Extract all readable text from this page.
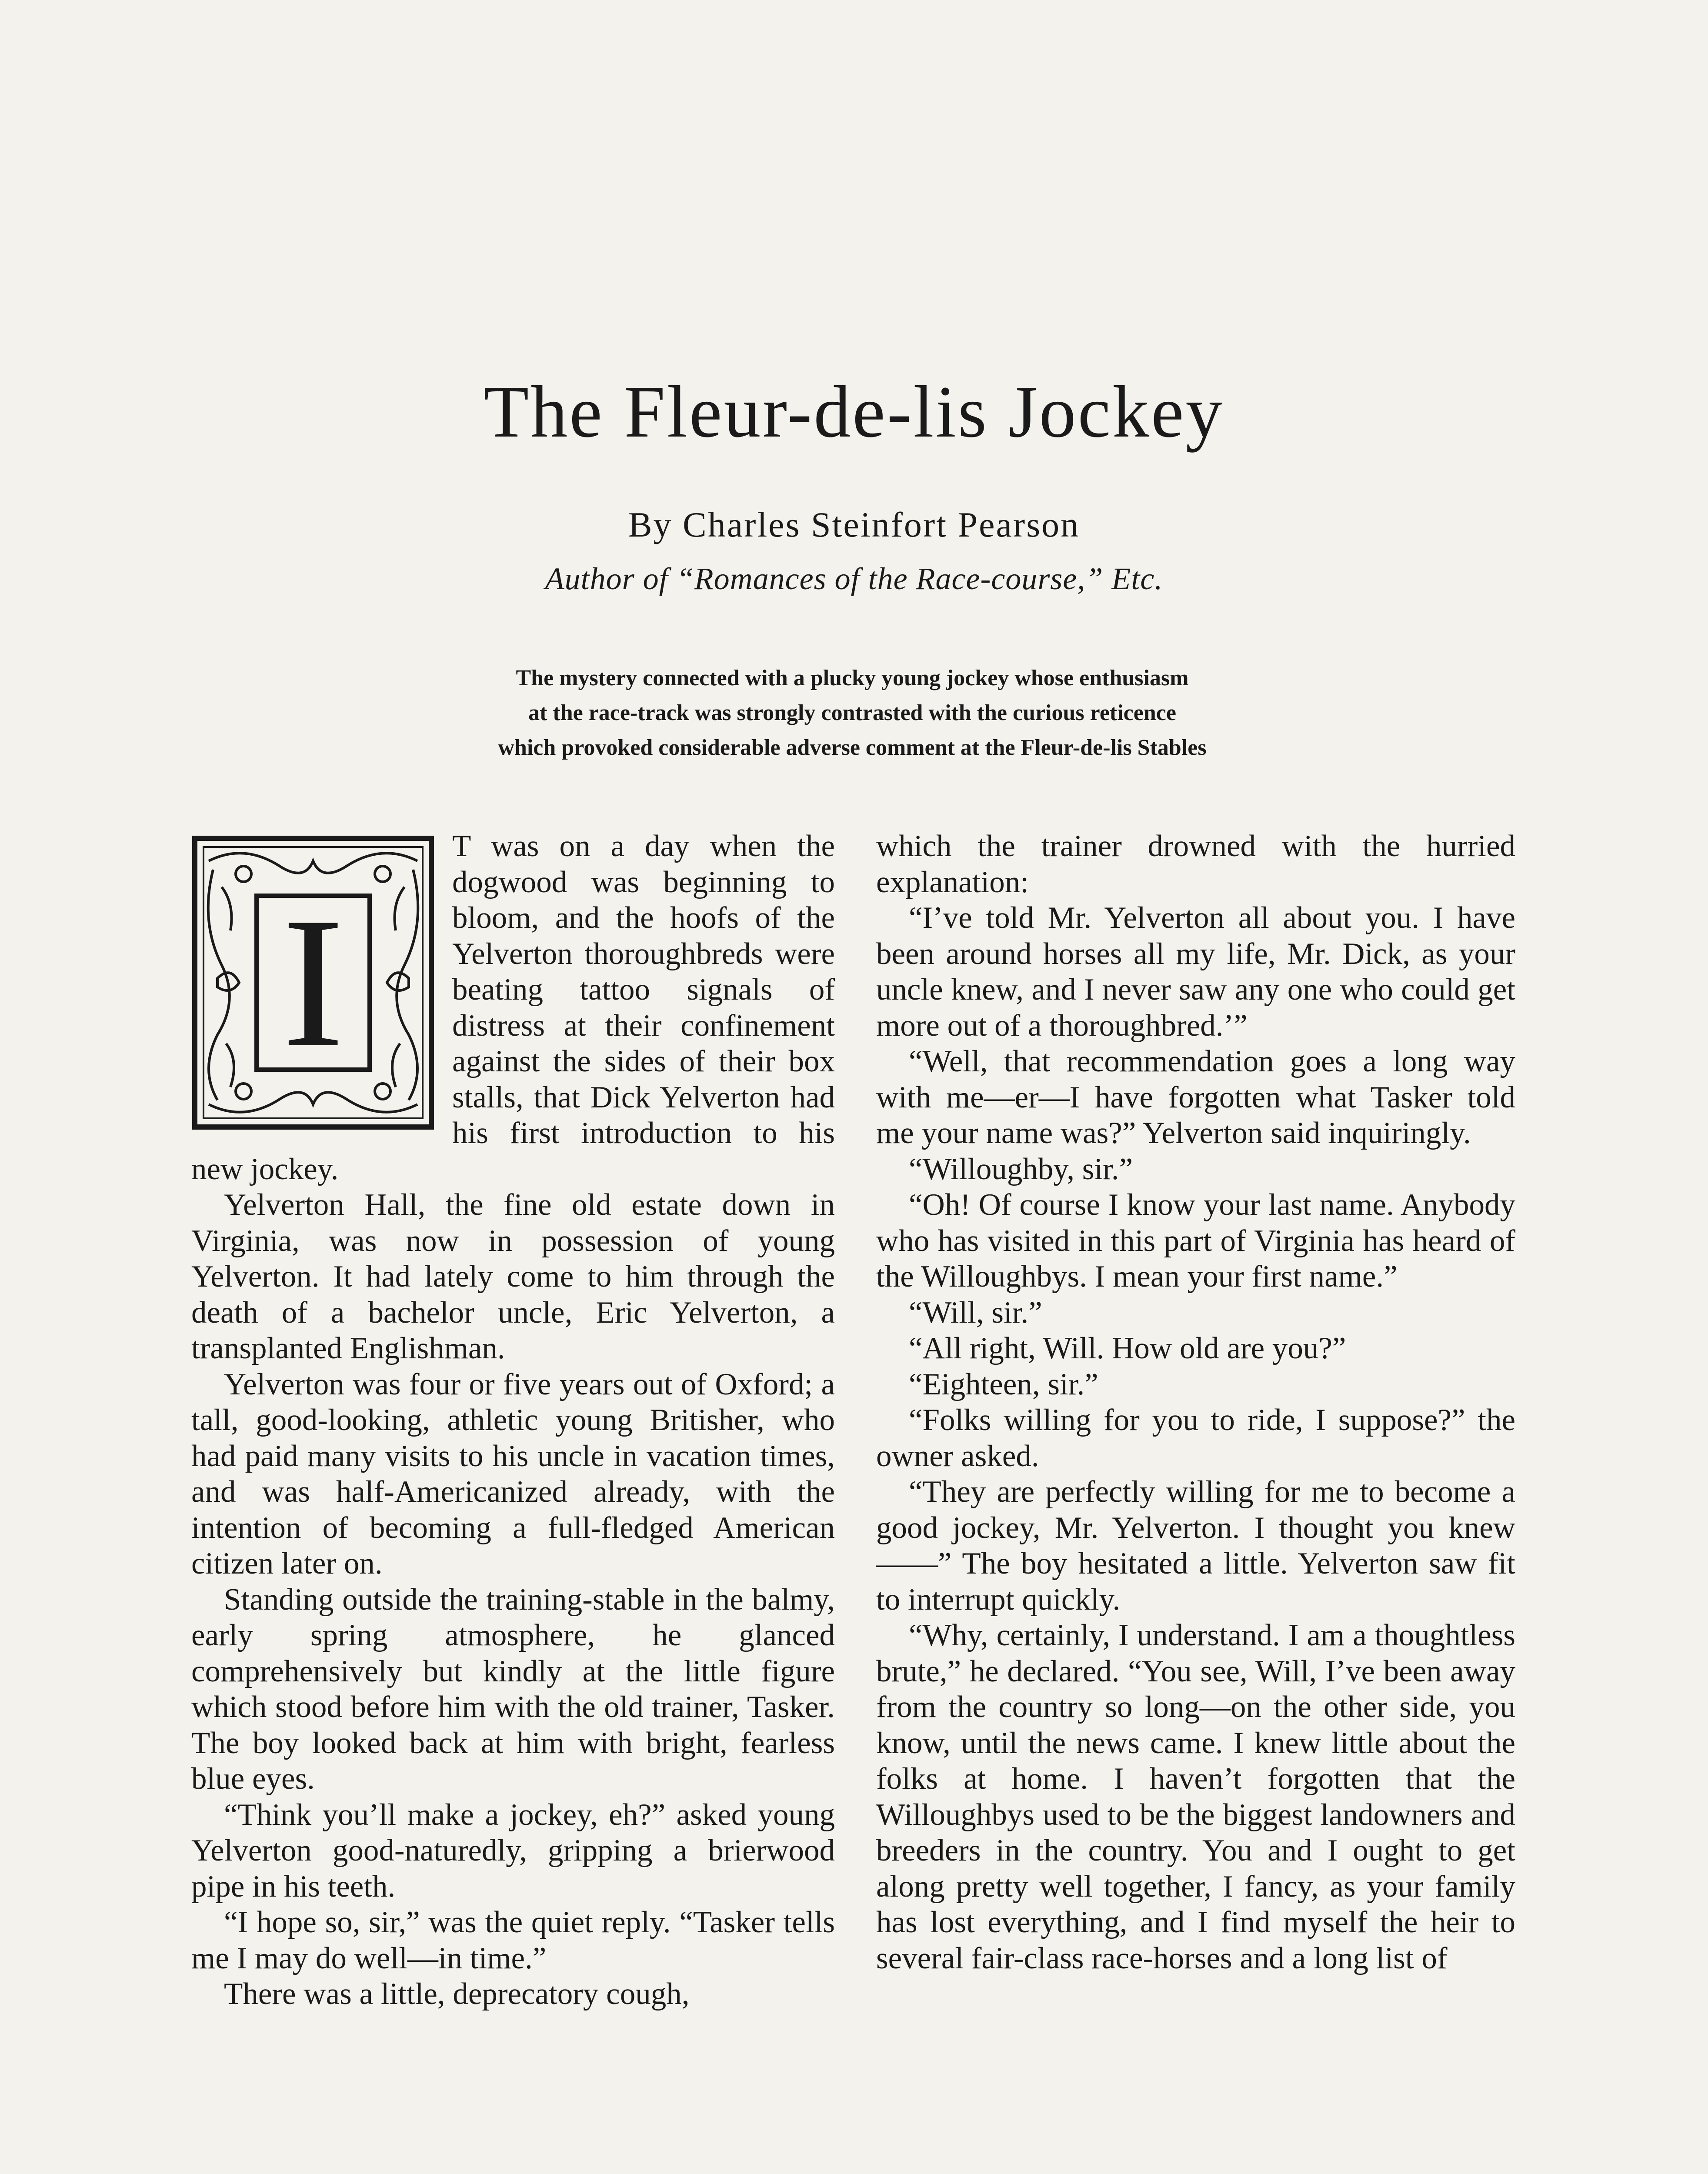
The Fleur-de-lis Jockey
By Charles Steinfort Pearson
Author of “Romances of the Race-course,” Etc.
The mystery connected with a plucky young jockey whose enthusiasm
at the race-track was strongly contrasted with the curious reticence
which provoked considerable adverse comment at the Fleur-de-lis Stables
I

T was on a day when the dogwood was beginning to bloom, and the hoofs of the Yelverton thoroughbreds were beating tattoo signals of distress at their confinement against the sides of their box stalls, that Dick Yelverton had his first introduction to his new jockey.

Yelverton Hall, the fine old estate down in Virginia, was now in possession of young Yelverton. It had lately come to him through the death of a bachelor uncle, Eric Yelverton, a transplanted Englishman.

Yelverton was four or five years out of Oxford; a tall, good-looking, athletic young Britisher, who had paid many visits to his uncle in vacation times, and was half-Americanized already, with the intention of becoming a full-fledged American citizen later on.

Standing outside the training-stable in the balmy, early spring atmosphere, he glanced comprehensively but kindly at the little figure which stood before him with the old trainer, Tasker. The boy looked back at him with bright, fearless blue eyes.

“Think you’ll make a jockey, eh?” asked young Yelverton good-naturedly, gripping a brierwood pipe in his teeth.

“I hope so, sir,” was the quiet reply. “Tasker tells me I may do well—in time.”

There was a little, deprecatory cough,

which the trainer drowned with the hurried explanation:

“I’ve told Mr. Yelverton all about you. I have been around horses all my life, Mr. Dick, as your uncle knew, and I never saw any one who could get more out of a thoroughbred.’”

“Well, that recommendation goes a long way with me—er—I have forgotten what Tasker told me your name was?” Yelverton said inquiringly.

“Willoughby, sir.”

“Oh! Of course I know your last name. Anybody who has visited in this part of Virginia has heard of the Willoughbys. I mean your first name.”

“Will, sir.”

“All right, Will. How old are you?”

“Eighteen, sir.”

“Folks willing for you to ride, I suppose?” the owner asked.

“They are perfectly willing for me to become a good jockey, Mr. Yelverton. I thought you knew——” The boy hesitated a little. Yelverton saw fit to interrupt quickly.

“Why, certainly, I understand. I am a thoughtless brute,” he declared. “You see, Will, I’ve been away from the country so long—on the other side, you know, until the news came. I knew little about the folks at home. I haven’t forgotten that the Willoughbys used to be the biggest landowners and breeders in the country. You and I ought to get along pretty well together, I fancy, as your family has lost everything, and I find myself the heir to several fair-class race-horses and a long list of
